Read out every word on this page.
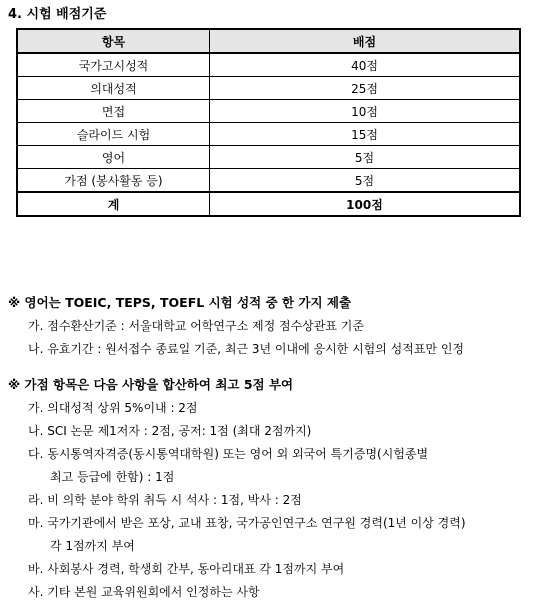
4. 시험 배점기준
항목	배점
국가고시성적	40점
의대성적	25점
면접	10점
슬라이드 시험	15점
영어	5점
가점 (봉사활동 등)	5점
계	100점
※ 영어는 TOEIC, TEPS, TOEFL 시험 성적 중 한 가지 제출
가. 점수환산기준 : 서울대학교 어학연구소 제정 점수상관표 기준
나. 유효기간 : 원서접수 종료일 기준, 최근 3년 이내에 응시한 시험의 성적표만 인정
※ 가점 항목은 다음 사항을 합산하여 최고 5점 부여
가. 의대성적 상위 5%이내 : 2점
나. SCI 논문 제1저자 : 2점, 공저: 1점 (최대 2점까지)
다. 동시통역자격증(동시통역대학원) 또는 영어 외 외국어 특기증명(시험종별
최고 등급에 한함) : 1점
라. 비 의학 분야 학위 취득 시 석사 : 1점, 박사 : 2점
마. 국가기관에서 받은 포상, 교내 표창, 국가공인연구소 연구원 경력(1년 이상 경력)
각 1점까지 부여
바. 사회봉사 경력, 학생회 간부, 동아리대표 각 1점까지 부여
사. 기타 본원 교육위원회에서 인정하는 사항
